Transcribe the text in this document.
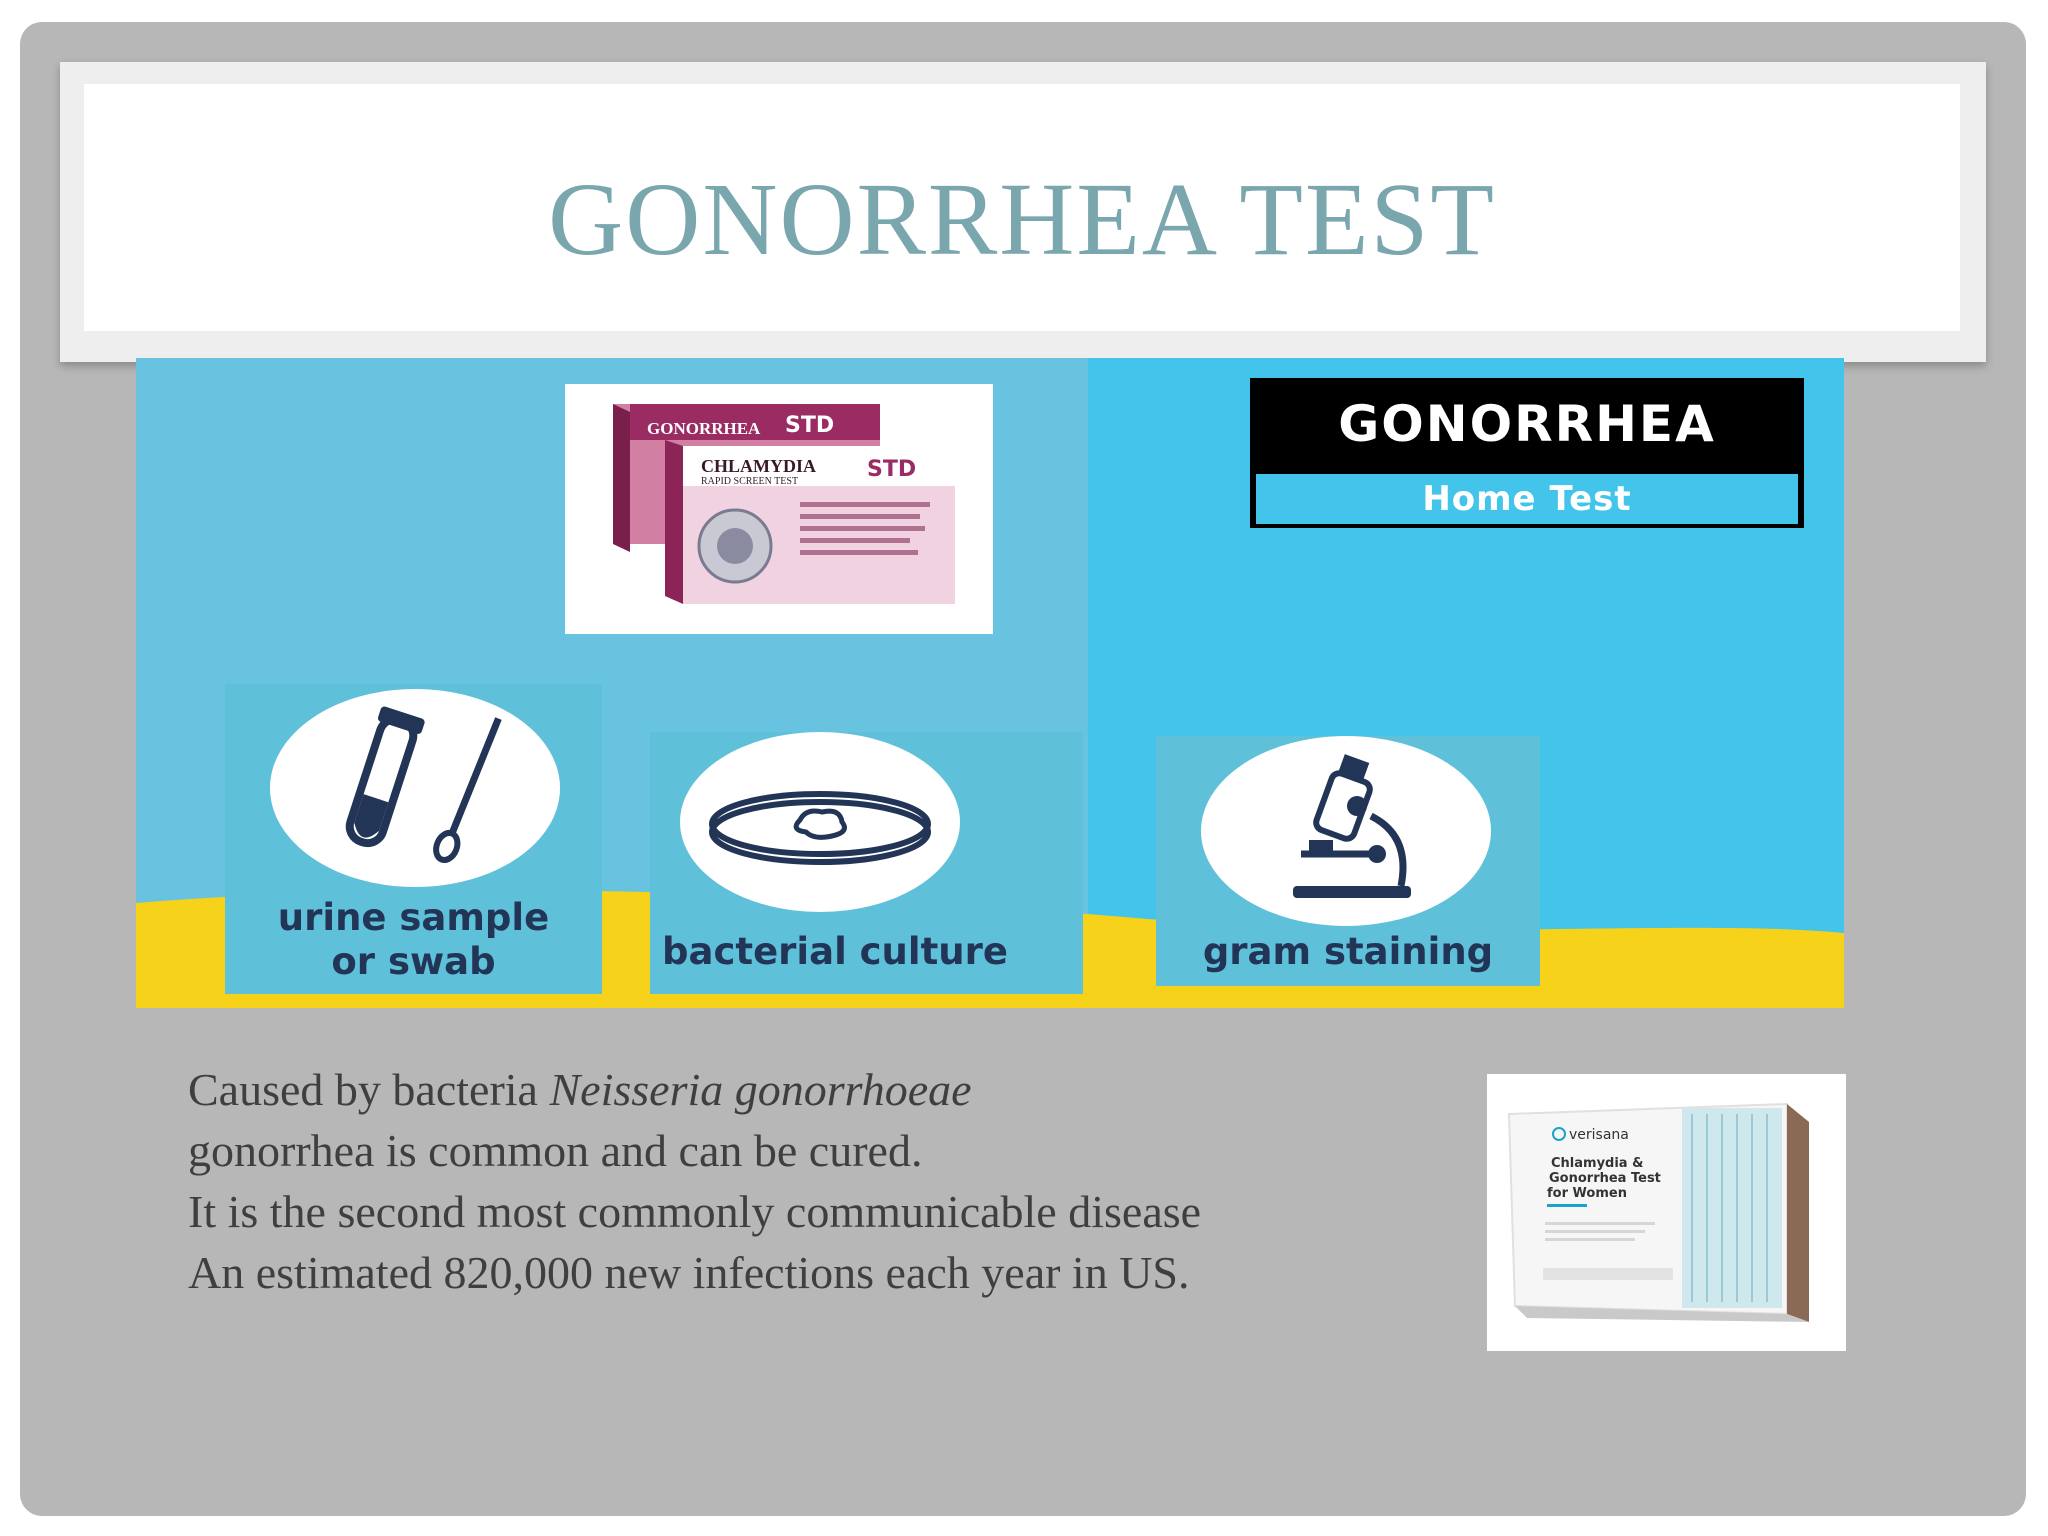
GONORRHEA TEST
GONORRHEA STD
CHLAMYDIA
RAPID SCREEN TEST	STD
GONORRHEA
Home Test
urine sample
or swab	bacterial culture	gram staining

Caused by bacteria Neisseria gonorrhoeae

gonorrhea is common and can be cured.

It is the second most commonly communicable disease

An estimated 820,000 new infections each year in US.

verisana
Chlamydia &
Gonorrhea Test
for Women
